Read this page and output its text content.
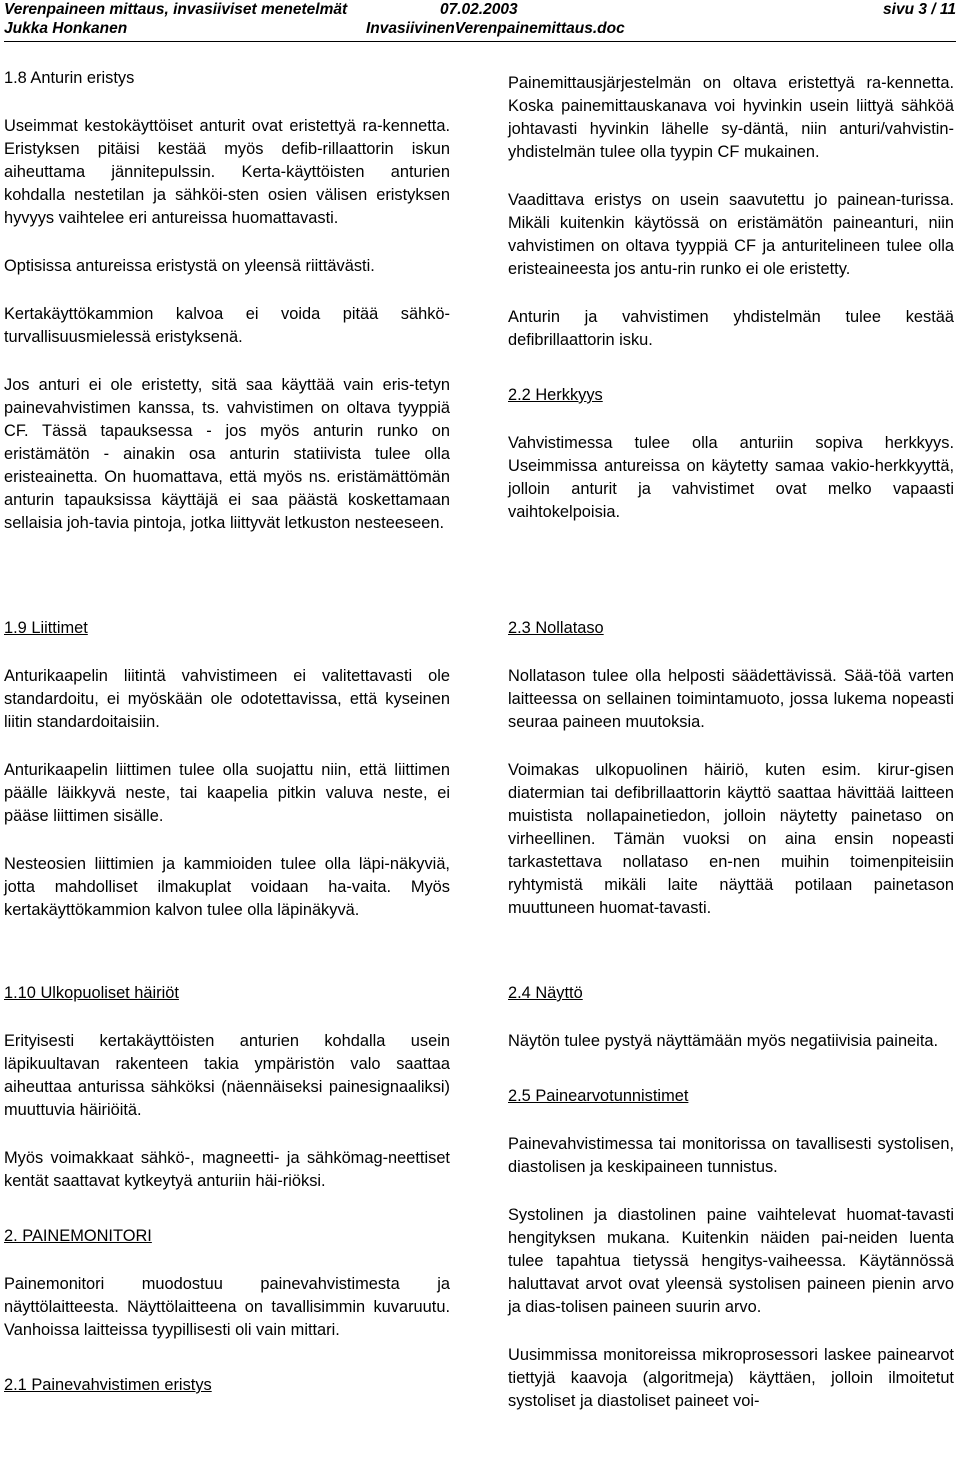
Verenpaineen mittaus, invasiiviset menetelmät	07.02.2003	sivu 3 / 11
Jukka Honkanen	InvasiivinenVerenpainemittaus.doc
1.8 Anturin eristys

Useimmat kestokäyttöiset anturit ovat eristettyä ra-kennetta. Eristyksen pitäisi kestää myös defib-rillaattorin iskun aiheuttama jännitepulssin. Kerta-käyttöisten anturien kohdalla nestetilan ja sähköi-sten osien välisen eristyksen hyvyys vaihtelee eri antureissa huomattavasti.

Optisissa antureissa eristystä on yleensä riittävästi.

Kertakäyttökammion kalvoa ei voida pitää sähkö-turvallisuusmielessä eristyksenä.

Jos anturi ei ole eristetty, sitä saa käyttää vain eris-tetyn painevahvistimen kanssa, ts. vahvistimen on oltava tyyppiä CF. Tässä tapauksessa - jos myös anturin runko on eristämätön - ainakin osa anturin statiivista tulee olla eristeainetta. On huomattava, että myös ns. eristämättömän anturin tapauksissa käyttäjä ei saa päästä koskettamaan sellaisia joh-tavia pintoja, jotka liittyvät letkuston nesteeseen.

Painemittausjärjestelmän on oltava eristettyä ra-kennetta. Koska painemittauskanava voi hyvinkin usein liittyä sähköä johtavasti hyvinkin lähelle sy-däntä, niin anturi/vahvistin-yhdistelmän tulee olla tyypin CF mukainen.

Vaadittava eristys on usein saavutettu jo painean-turissa. Mikäli kuitenkin käytössä on eristämätön paineanturi, niin vahvistimen on oltava tyyppiä CF ja anturitelineen tulee olla eristeaineesta jos antu-rin runko ei ole eristetty.

Anturin ja vahvistimen yhdistelmän tulee kestää defibrillaattorin isku.

2.2 Herkkyys

Vahvistimessa tulee olla anturiin sopiva herkkyys. Useimmissa antureissa on käytetty samaa vakio-herkkyyttä, jolloin anturit ja vahvistimet ovat melko vapaasti vaihtokelpoisia.

1.9 Liittimet

Anturikaapelin liitintä vahvistimeen ei valitettavasti ole standardoitu, ei myöskään ole odotettavissa, että kyseinen liitin standardoitaisiin.

Anturikaapelin liittimen tulee olla suojattu niin, että liittimen päälle läikkyvä neste, tai kaapelia pitkin valuva neste, ei pääse liittimen sisälle.

Nesteosien liittimien ja kammioiden tulee olla läpi-näkyviä, jotta mahdolliset ilmakuplat voidaan ha-vaita. Myös kertakäyttökammion kalvon tulee olla läpinäkyvä.

2.3 Nollataso

Nollatason tulee olla helposti säädettävissä. Sää-töä varten laitteessa on sellainen toimintamuoto, jossa lukema nopeasti seuraa paineen muutoksia.

Voimakas ulkopuolinen häiriö, kuten esim. kirur-gisen diatermian tai defibrillaattorin käyttö saattaa hävittää laitteen muistista nollapainetiedon, jolloin näytetty painetaso on virheellinen. Tämän vuoksi on aina ensin nopeasti tarkastettava nollataso en-nen muihin toimenpiteisiin ryhtymistä mikäli laite näyttää potilaan painetason muuttuneen huomat-tavasti.

1.10 Ulkopuoliset häiriöt

Erityisesti kertakäyttöisten anturien kohdalla usein läpikuultavan rakenteen takia ympäristön valo saattaa aiheuttaa anturissa sähköksi (näennäiseksi painesignaaliksi) muuttuvia häiriöitä.

Myös voimakkaat sähkö-, magneetti- ja sähkömag-neettiset kentät saattavat kytkeytyä anturiin häi-riöksi.

2. PAINEMONITORI

Painemonitori muodostuu painevahvistimesta ja näyttölaitteesta. Näyttölaitteena on tavallisimmin kuvaruutu. Vanhoissa laitteissa tyypillisesti oli vain mittari.

2.1 Painevahvistimen eristys
2.4 Näyttö

Näytön tulee pystyä näyttämään myös negatiivisia paineita.

2.5 Painearvotunnistimet

Painevahvistimessa tai monitorissa on tavallisesti systolisen, diastolisen ja keskipaineen tunnistus.

Systolinen ja diastolinen paine vaihtelevat huomat-tavasti hengityksen mukana. Kuitenkin näiden pai-neiden luenta tulee tapahtua tietyssä hengitys-vaiheessa. Käytännössä haluttavat arvot ovat yleensä systolisen paineen pienin arvo ja dias-tolisen paineen suurin arvo.

Uusimmissa monitoreissa mikroprosessori laskee painearvot tiettyjä kaavoja (algoritmeja) käyttäen, jolloin ilmoitetut systoliset ja diastoliset paineet voi-
